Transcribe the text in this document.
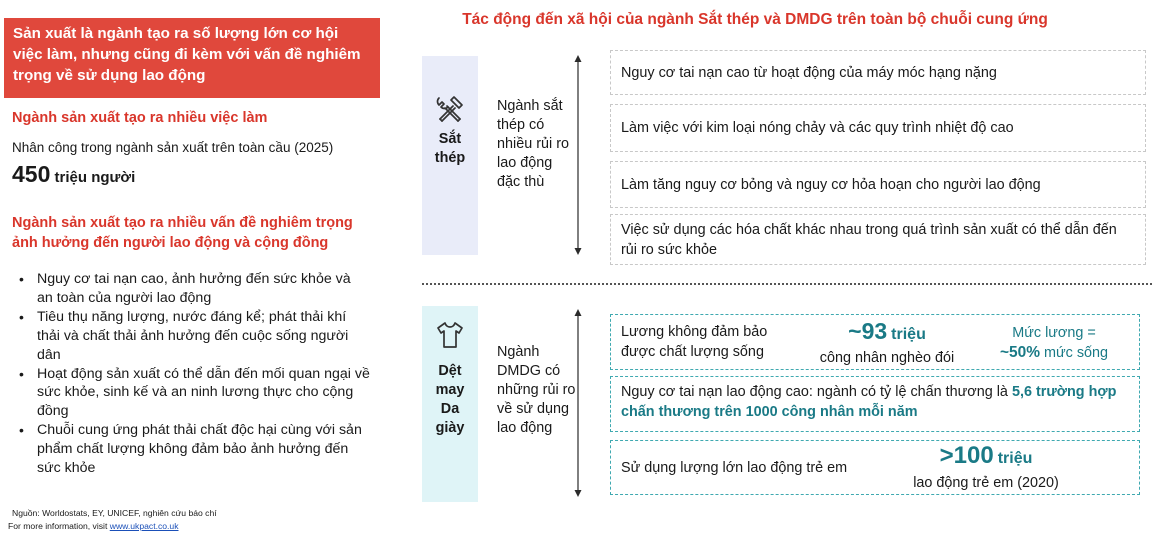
Sản xuất là ngành tạo ra số lượng lớn cơ hội việc làm, nhưng cũng đi kèm với vấn đề nghiêm trọng về sử dụng lao động
Ngành sản xuất tạo ra nhiều việc làm
Nhân công trong ngành sản xuất trên toàn cầu (2025)
450 triệu người
Ngành sản xuất tạo ra nhiều vấn đề nghiêm trọng ảnh hưởng đến người lao động và cộng đồng
• Nguy cơ tai nạn cao, ảnh hưởng đến sức khỏe và an toàn của người lao động
• Tiêu thụ năng lượng, nước đáng kể; phát thải khí thải và chất thải ảnh hưởng đến cuộc sống người dân
• Hoạt động sản xuất có thể dẫn đến mối quan ngại về sức khỏe, sinh kế và an ninh lương thực cho cộng đồng
• Chuỗi cung ứng phát thải chất độc hại cùng với sản phẩm chất lượng không đảm bảo ảnh hưởng đến sức khỏe
Nguồn: Worldostats, EY, UNICEF, nghiên cứu báo chí
For more information, visit www.ukpact.co.uk
Tác động đến xã hội của ngành Sắt thép và DMDG trên toàn bộ chuỗi cung ứng
Sắt
thép
Ngành sắt thép có nhiều rủi ro lao động đặc thù
Nguy cơ tai nạn cao từ hoạt động của máy móc hạng nặng
Làm việc với kim loại nóng chảy và các quy trình nhiệt độ cao
Làm tăng nguy cơ bỏng và nguy cơ hỏa hoạn cho người lao động
Việc sử dụng các hóa chất khác nhau trong quá trình sản xuất có thể dẫn đến rủi ro sức khỏe
Dệt
may
Da
giày
Ngành DMDG có những rủi ro về sử dụng lao động
Lương không đảm bảo được chất lượng sống
~93 triệu
công nhân nghèo đói
Mức lương =
~50% mức sống
Nguy cơ tai nạn lao động cao: ngành có tỷ lệ chấn thương là 5,6 trường hợp chấn thương trên 1000 công nhân mỗi năm
Sử dụng lượng lớn lao động trẻ em	>100 triệu
lao động trẻ em (2020)
